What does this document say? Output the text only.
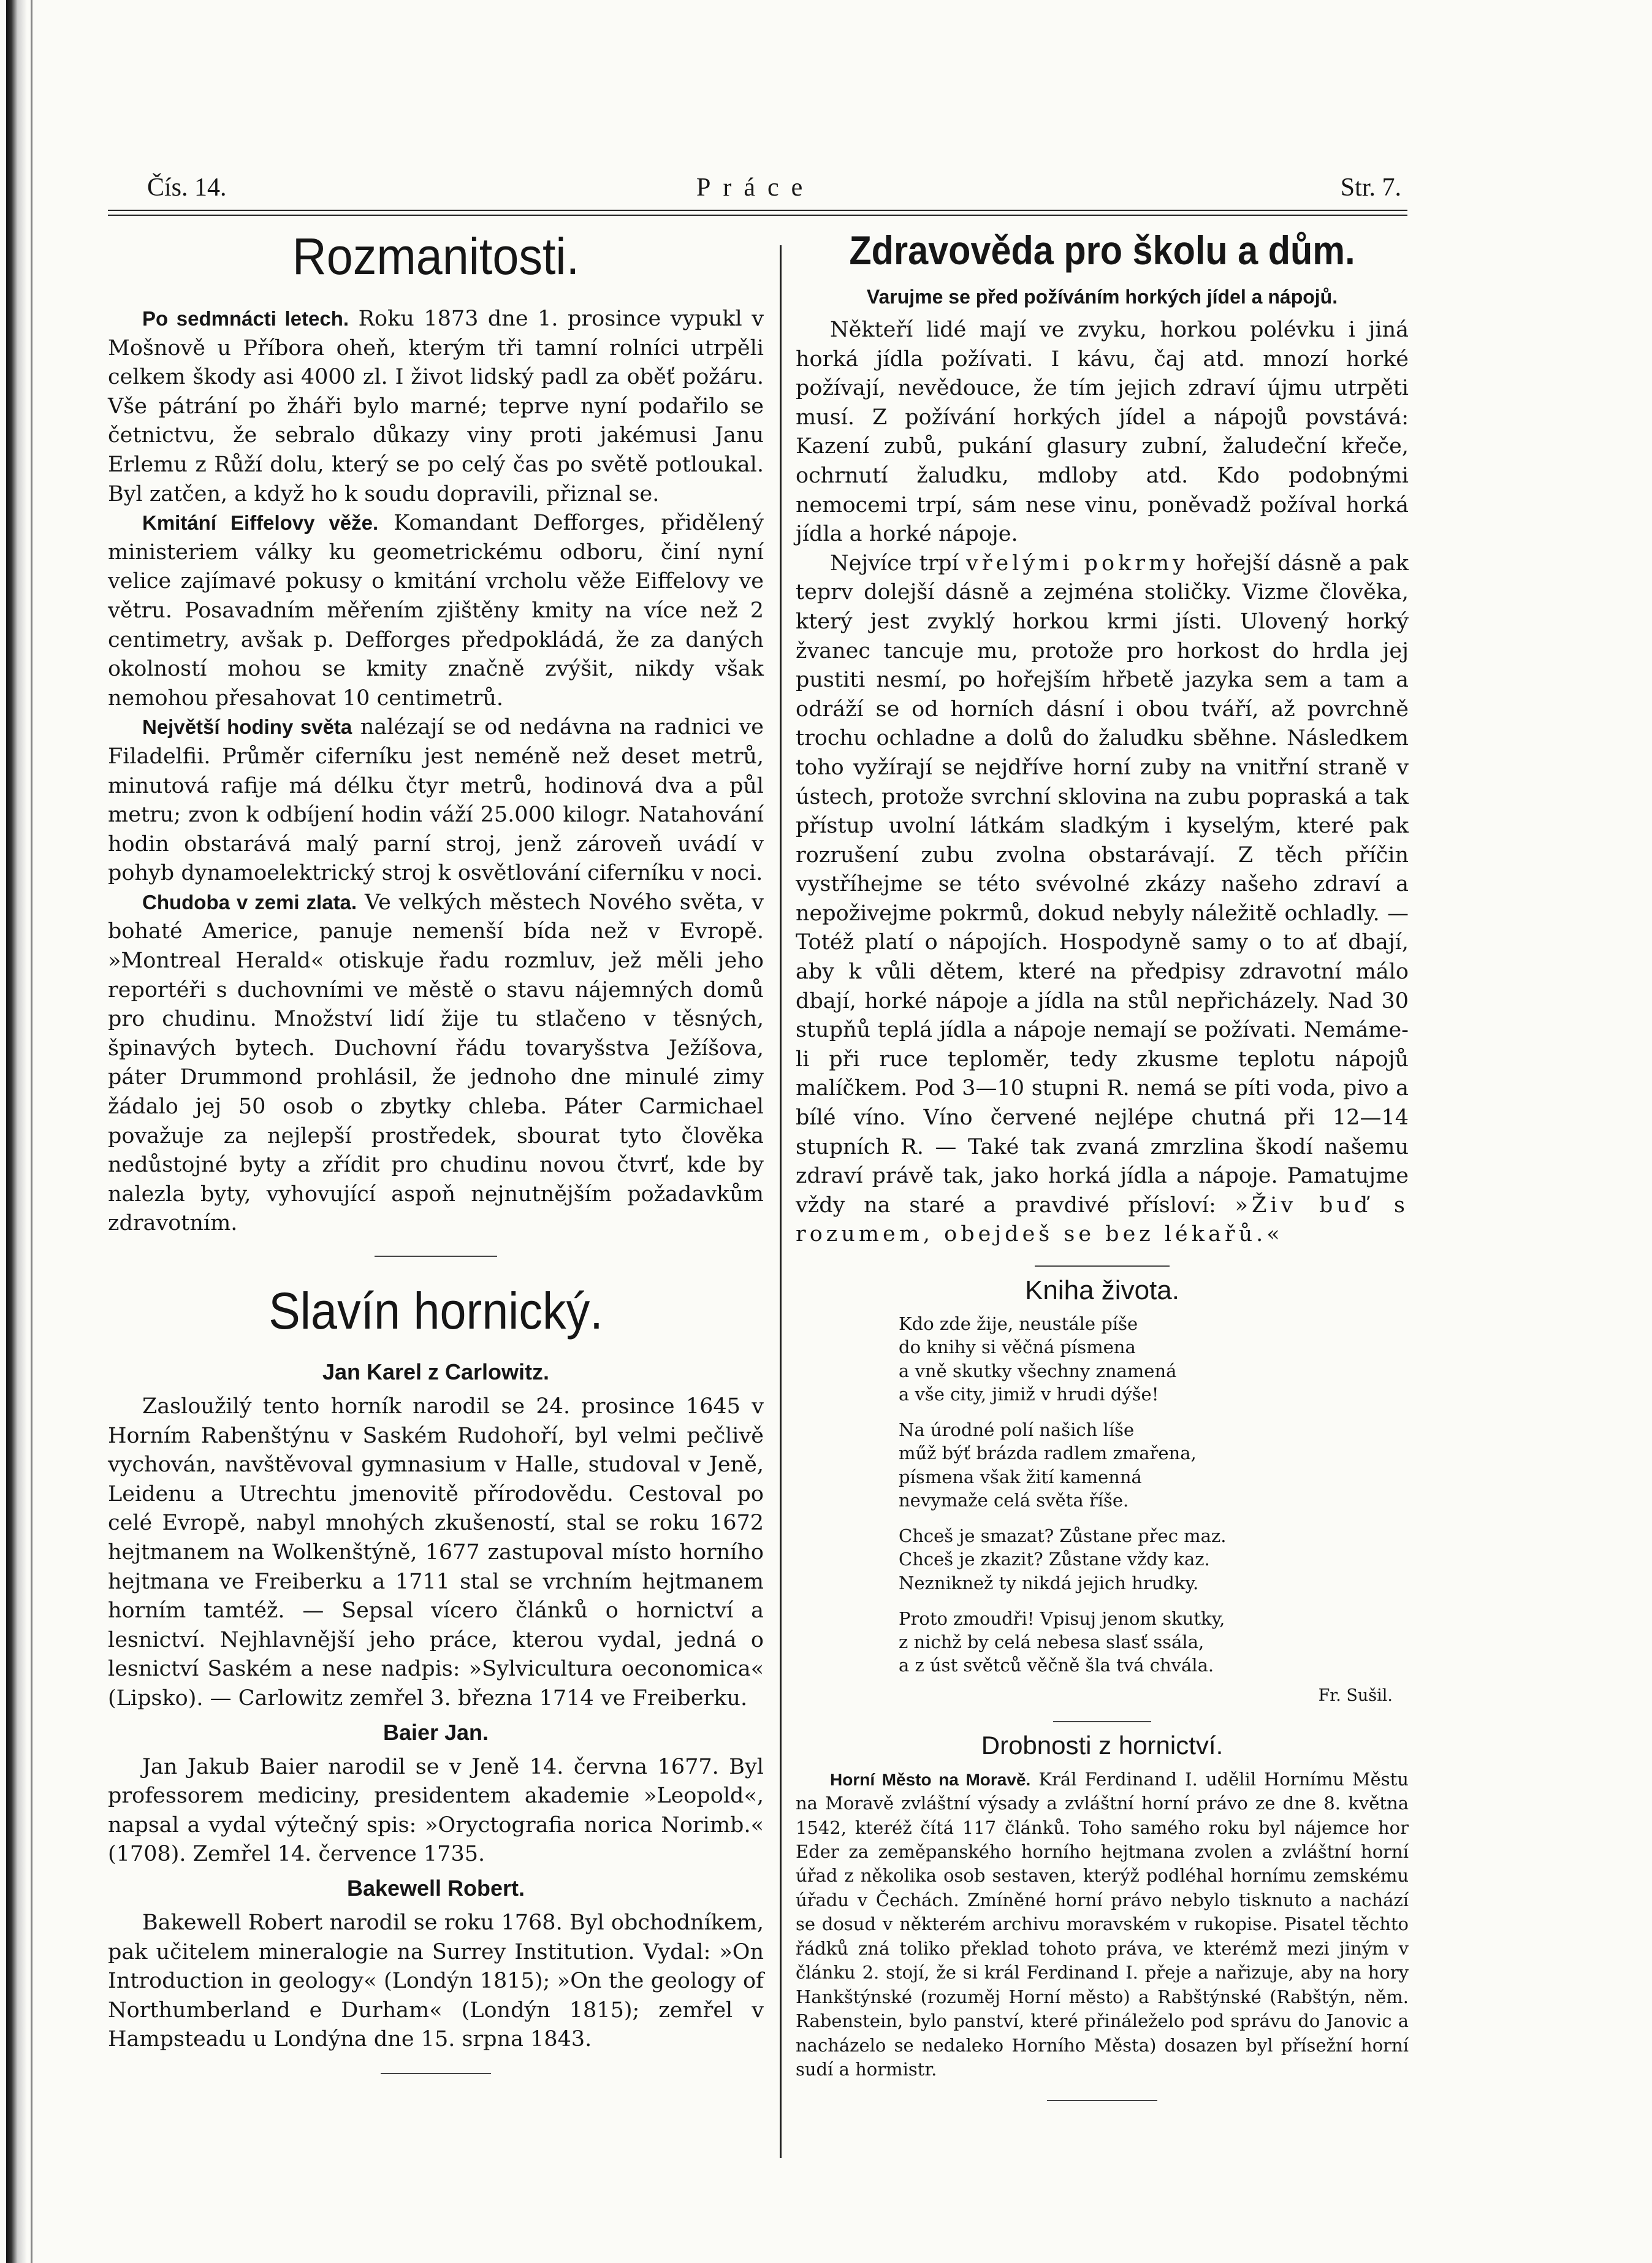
Čís. 14.	Práce	Str. 7.
Rozmanitosti.

Po sedmnácti letech. Roku 1873 dne 1. prosince vypukl v Mošnově u Příbora oheň, kterým tři tamní rolníci utrpěli celkem škody asi 4000 zl. I život lidský padl za oběť požáru. Vše pátrání po žháři bylo marné; teprve nyní podařilo se četnictvu, že sebralo důkazy viny proti jakémusi Janu Erlemu z Růží dolu, který se po celý čas po světě potloukal. Byl zatčen, a když ho k soudu dopravili, přiznal se.

Kmitání Eiffelovy věže. Komandant Defforges, přidělený ministeriem války ku geometrickému odboru, činí nyní velice zajímavé pokusy o kmitání vrcholu věže Eiffelovy ve větru. Posavadním měřením zjištěny kmity na více než 2 centimetry, avšak p. Defforges předpokládá, že za daných okolností mohou se kmity značně zvýšit, nikdy však nemohou přesahovat 10 centimetrů.

Největší hodiny světa nalézají se od nedávna na radnici ve Filadelfii. Průměr ciferníku jest neméně než deset metrů, minutová rafije má délku čtyr metrů, hodinová dva a půl metru; zvon k odbíjení hodin váží 25.000 kilogr. Natahování hodin obstarává malý parní stroj, jenž zároveň uvádí v pohyb dynamoelektrický stroj k osvětlování ciferníku v noci.

Chudoba v zemi zlata. Ve velkých městech Nového světa, v bohaté Americe, panuje nemenší bída než v Evropě. »Montreal Herald« otiskuje řadu rozmluv, jež měli jeho reportéři s duchovními ve městě o stavu nájemných domů pro chudinu. Množství lidí žije tu stlačeno v těsných, špinavých bytech. Duchovní řádu tovaryšstva Ježíšova, páter Drummond prohlásil, že jednoho dne minulé zimy žádalo jej 50 osob o zbytky chleba. Páter Carmichael považuje za nejlepší prostředek, sbourat tyto člověka nedůstojné byty a zřídit pro chudinu novou čtvrť, kde by nalezla byty, vyhovující aspoň nejnutnějším požadavkům zdravotním.

Slavín hornický.
Jan Karel z Carlowitz.

Zasloužilý tento horník narodil se 24. prosince 1645 v Horním Rabenštýnu v Saském Rudohoří, byl velmi pečlivě vychován, navštěvoval gymnasium v Halle, studoval v Jeně, Leidenu a Utrechtu jmenovitě přírodovědu. Cestoval po celé Evropě, nabyl mnohých zkušeností, stal se roku 1672 hejtmanem na Wolkenštýně, 1677 zastupoval místo horního hejtmana ve Freiberku a 1711 stal se vrchním hejtmanem horním tamtéž. — Sepsal vícero článků o hornictví a lesnictví. Nejhlavnější jeho práce, kterou vydal, jedná o lesnictví Saském a nese nadpis: »Sylvicultura oeconomica« (Lipsko). — Carlowitz zemřel 3. března 1714 ve Freiberku.

Baier Jan.

Jan Jakub Baier narodil se v Jeně 14. června 1677. Byl professorem mediciny, presidentem akademie »Leopold«, napsal a vydal výtečný spis: »Oryctografia norica Norimb.« (1708). Zemřel 14. července 1735.

Bakewell Robert.

Bakewell Robert narodil se roku 1768. Byl obchodníkem, pak učitelem mineralogie na Surrey Institution. Vydal: »On Introduction in geology« (Londýn 1815); »On the geology of Northumberland e Durham« (Londýn 1815); zemřel v Hampsteadu u Londýna dne 15. srpna 1843.

Zdravověda pro školu a dům.
Varujme se před požíváním horkých jídel a nápojů.

Někteří lidé mají ve zvyku, horkou polévku i jiná horká jídla požívati. I kávu, čaj atd. mnozí horké požívají, nevědouce, že tím jejich zdraví újmu utrpěti musí. Z požívání horkých jídel a nápojů povstává: Kazení zubů, pukání glasury zubní, žaludeční křeče, ochrnutí žaludku, mdloby atd. Kdo podobnými nemocemi trpí, sám nese vinu, poněvadž požíval horká jídla a horké nápoje.

Nejvíce trpí vřelými pokrmy hořejší dásně a pak teprv dolejší dásně a zejména stoličky. Vizme člověka, který jest zvyklý horkou krmi jísti. Ulovený horký žvanec tancuje mu, protože pro horkost do hrdla jej pustiti nesmí, po hořejším hřbetě jazyka sem a tam a odráží se od horních dásní i obou tváří, až povrchně trochu ochladne a dolů do žaludku sběhne. Následkem toho vyžírají se nejdříve horní zuby na vnitřní straně v ústech, protože svrchní sklovina na zubu popraská a tak přístup uvolní látkám sladkým i kyselým, které pak rozrušení zubu zvolna obstarávají. Z těch příčin vystříhejme se této svévolné zkázy našeho zdraví a nepoživejme pokrmů, dokud nebyly náležitě ochladly. — Totéž platí o nápojích. Hospodyně samy o to ať dbají, aby k vůli dětem, které na předpisy zdravotní málo dbají, horké nápoje a jídla na stůl nepřicházely. Nad 30 stupňů teplá jídla a nápoje nemají se požívati. Nemáme-li při ruce teploměr, tedy zkusme teplotu nápojů malíčkem. Pod 3—10 stupni R. nemá se píti voda, pivo a bílé víno. Víno červené nejlépe chutná při 12—14 stupních R. — Také tak zvaná zmrzlina škodí našemu zdraví právě tak, jako horká jídla a nápoje. Pamatujme vždy na staré a pravdivé přísloví: »Živ buď s rozumem, obejdeš se bez lékařů.«

Kniha života.
Kdo zde žije, neustále píše
do knihy si věčná písmena
a vně skutky všechny znamená
a vše city, jimiž v hrudi dýše!
Na úrodné polí našich líše
műž býť brázda radlem zmařena,
písmena však žití kamenná
nevymaže celá světa říše.
Chceš je smazat? Zůstane přec maz.
Chceš je zkazit? Zůstane vždy kaz.
Nezniknež ty nikdá jejich hrudky.
Proto zmoudři! Vpisuj jenom skutky,
z nichž by celá nebesa slasť ssála,
a z úst světců věčně šla tvá chvála.
Fr. Sušil.
Drobnosti z hornictví.

Horní Město na Moravě. Král Ferdinand I. udělil Hornímu Městu na Moravě zvláštní výsady a zvláštní horní právo ze dne 8. května 1542, kteréž čítá 117 článků. Toho samého roku byl nájemce hor Eder za zeměpanského horního hejtmana zvolen a zvláštní horní úřad z několika osob sestaven, kterýž podléhal hornímu zemskému úřadu v Čechách. Zmíněné horní právo nebylo tisknuto a nachází se dosud v některém archivu moravském v rukopise. Pisatel těchto řádků zná toliko překlad tohoto práva, ve kterémž mezi jiným v článku 2. stojí, že si král Ferdinand I. přeje a nařizuje, aby na hory Hankštýnské (rozuměj Horní město) a Rabštýnské (Rabštýn, něm. Rabenstein, bylo panství, které přináleželo pod správu do Janovic a nacházelo se nedaleko Horního Města) dosazen byl přísežní horní sudí a hormistr.
